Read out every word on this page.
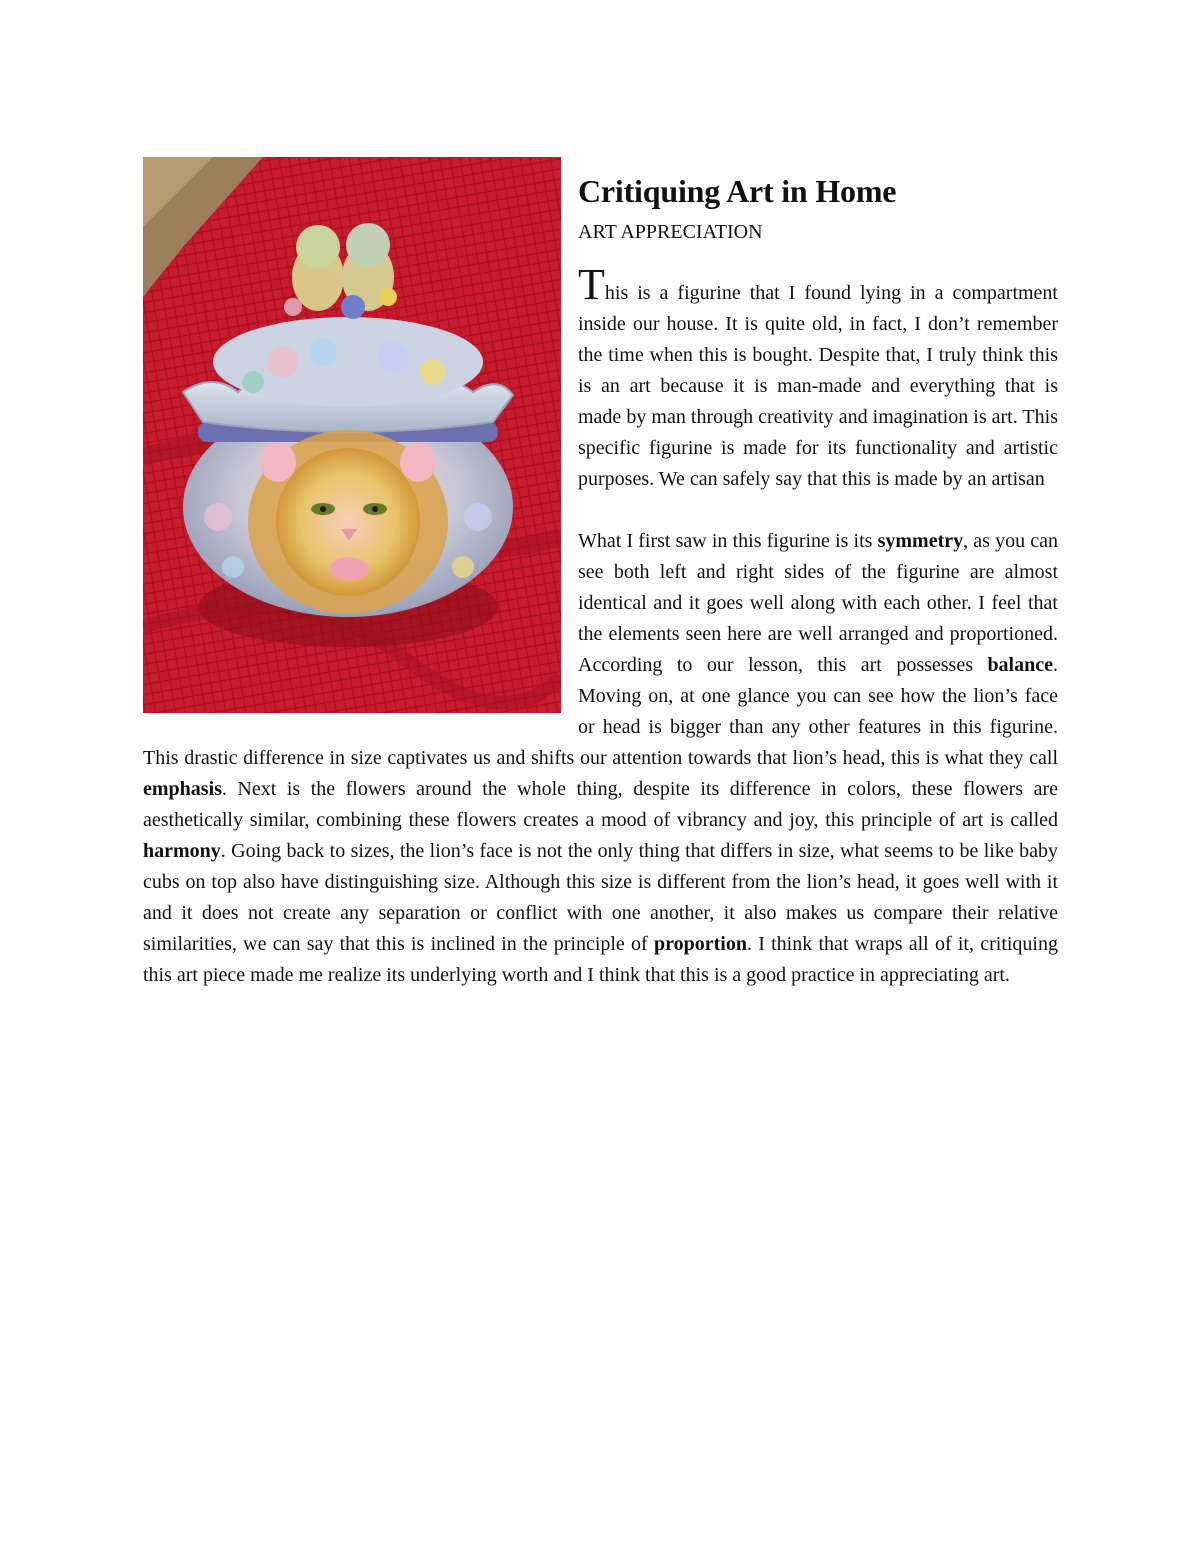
Critiquing Art in Home

ART APPRECIATION

This is a figurine that I found lying in a compartment inside our house. It is quite old, in fact, I don’t remember the time when this is bought. Despite that, I truly think this is an art because it is man-made and everything that is made by man through creativity and imagination is art. This specific figurine is made for its functionality and artistic purposes. We can safely say that this is made by an artisan

What I first saw in this figurine is its symmetry, as you can see both left and right sides of the figurine are almost identical and it goes well along with each other. I feel that the elements seen here are well arranged and proportioned. According to our lesson, this art possesses balance. Moving on, at one glance you can see how the lion’s face or head is bigger than any other features in this figurine. This drastic difference in size captivates us and shifts our attention towards that lion’s head, this is what they call emphasis. Next is the flowers around the whole thing, despite its difference in colors, these flowers are aesthetically similar, combining these flowers creates a mood of vibrancy and joy, this principle of art is called harmony. Going back to sizes, the lion’s face is not the only thing that differs in size, what seems to be like baby cubs on top also have distinguishing size. Although this size is different from the lion’s head, it goes well with it and it does not create any separation or conflict with one another, it also makes us compare their relative similarities, we can say that this is inclined in the principle of proportion. I think that wraps all of it, critiquing this art piece made me realize its underlying worth and I think that this is a good practice in appreciating art.
